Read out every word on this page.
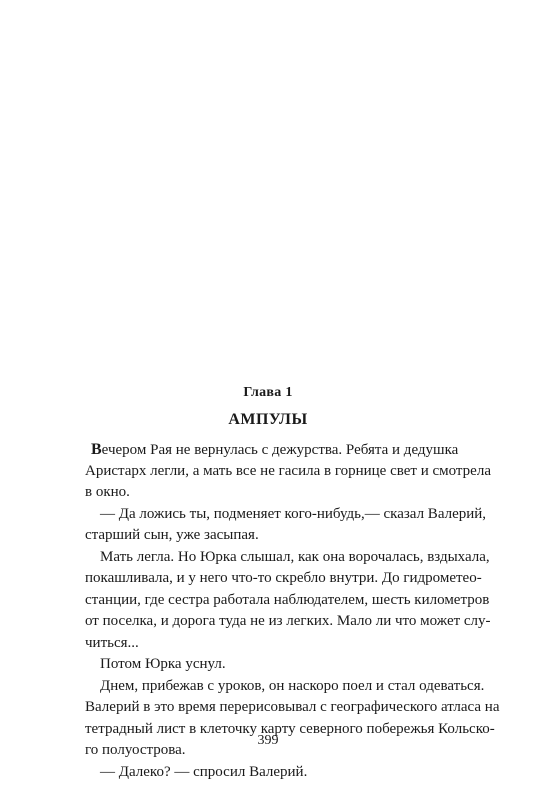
Глава 1
АМПУЛЫ
Вечером Рая не вернулась с дежурства. Ребята и дедушка
Аристарх легли, а мать все не гасила в горнице свет и смотрела
в окно.
— Да ложись ты, подменяет кого-нибудь,— сказал Валерий,
старший сын, уже засыпая.
Мать легла. Но Юрка слышал, как она ворочалась, вздыхала,
покашливала, и у него что-то скребло внутри. До гидрометео-
станции, где сестра работала наблюдателем, шесть километров
от поселка, и дорога туда не из легких. Мало ли что может слу-
читься...
Потом Юрка уснул.
Днем, прибежав с уроков, он наскоро поел и стал одеваться.
Валерий в это время перерисовывал с географического атласа на
тетрадный лист в клеточку карту северного побережья Кольско-
го полуострова.
— Далеко? — спросил Валерий.
399
